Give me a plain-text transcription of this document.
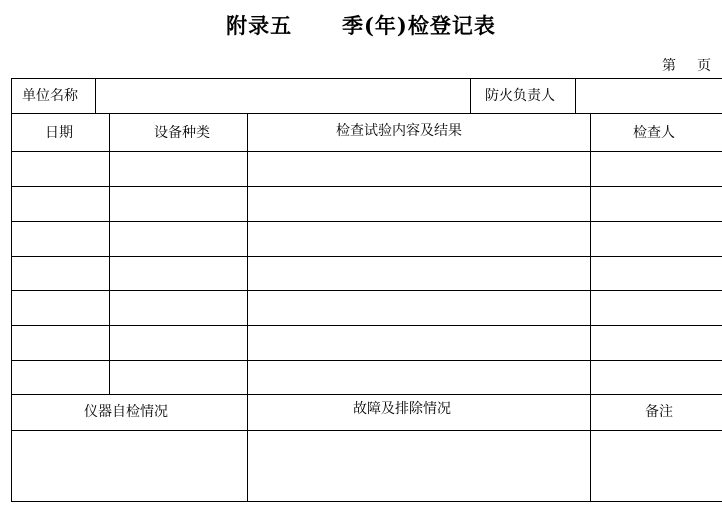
附录五      季(年)检登记表
第 页
单位名称	防火负责人
日期	设备种类	检查试验内容及结果	检查人
仪器自检情况	故障及排除情况	备注
